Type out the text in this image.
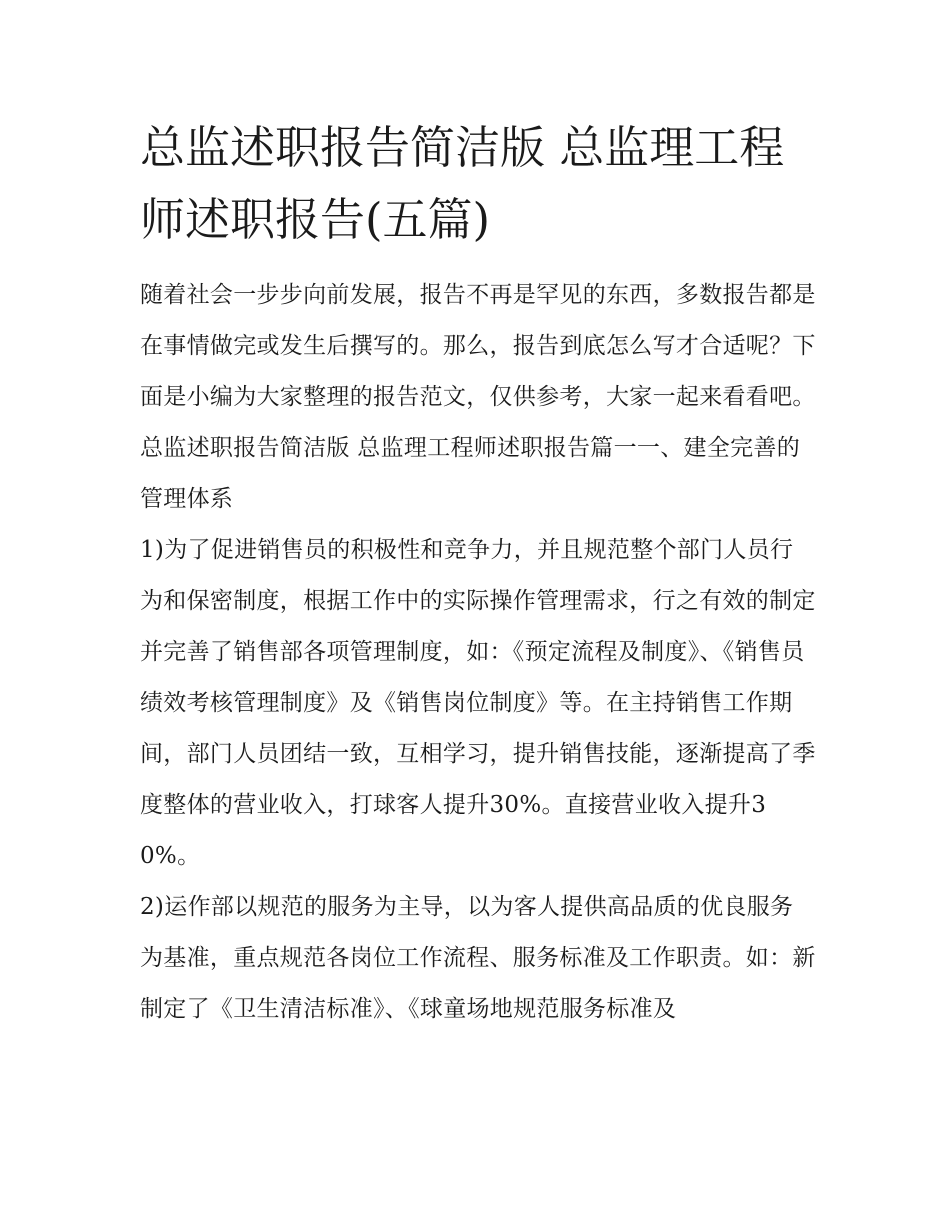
总监述职报告简洁版 总监理工程师述职报告(五篇)

随着社会一步步向前发展，报告不再是罕见的东西，多数报告都是在事情做完或发生后撰写的。那么，报告到底怎么写才合适呢？下面是小编为大家整理的报告范文，仅供参考，大家一起来看看吧。

总监述职报告简洁版 总监理工程师述职报告篇一一、建全完善的管理体系

1)为了促进销售员的积极性和竞争力，并且规范整个部门人员行为和保密制度，根据工作中的实际操作管理需求，行之有效的制定并完善了销售部各项管理制度，如：《预定流程及制度》、《销售员绩效考核管理制度》及《销售岗位制度》等。在主持销售工作期间，部门人员团结一致，互相学习，提升销售技能，逐渐提高了季度整体的营业收入，打球客人提升30%。直接营业收入提升30%。

2)运作部以规范的服务为主导，以为客人提供高品质的优良服务为基准，重点规范各岗位工作流程、服务标准及工作职责。如：新制定了《卫生清洁标准》、《球童场地规范服务标准及
